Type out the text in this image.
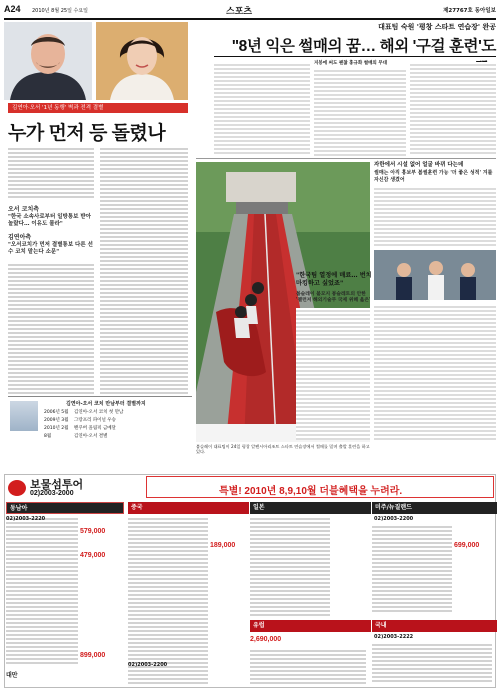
A24 2010년 8월 25일 수요일	스포츠	제27767호 동아일보
김연아·오서 '1년 동행' 벽과 전격 결별
누가 먼저 등 돌렸나
오서 코치측
"한국 소속사로부터 일방통보 받아 놀랐다… 이유도 몰라"
김연아측
"오서코치가 먼저 결별통보 다른 선수 코치 맡는다 소문"
김연아-오서 코치 만남부터 결별까지
2006년 5월 김연아-오서 코치 첫 만남
2009년 3월 그랑프리 파이널 우승
2010년 2월 밴쿠버 올림픽 금메달
8월	김연아-오서 결별
대표팀 숙원 '평창 스타트 연습장' 완공
"8년 익은 썰매의 꿈… 해외 '구걸 훈련'도
지붕에 써도 괜찮 홍규화 썰매의 무대
봅슬레이 대표팀이 24일 평창 알펜시아리조트 스타트 연습장에서 썰매를 밀며 출발 훈련을 하고 있다.
자한에서 시설 없어 얼굴 바뀌 다는데
썰매는 아직 홍보부 봅썰훈련 가능 '더 좋은 성적' 겨룰 자신감 생겼어
"한국팀 열정에 매료… 번치마킹하고 싶었죠"
봅슬레이 불모지 봉슬레트의 안한 '챌런저 해외기술무 국제 위해 옳은'
보물섬투어
02)2003-2000	특별! 2010년 8,9,10월 더블혜택을 누려라.
동남아
579,000
479,000
899,000
대만
중국
189,000
02)2003-2200
일본
유럽
2,690,000
미주/뉴질랜드
02)2003-2200
699,000
국내
02)2003-2222
02)2003-2220
